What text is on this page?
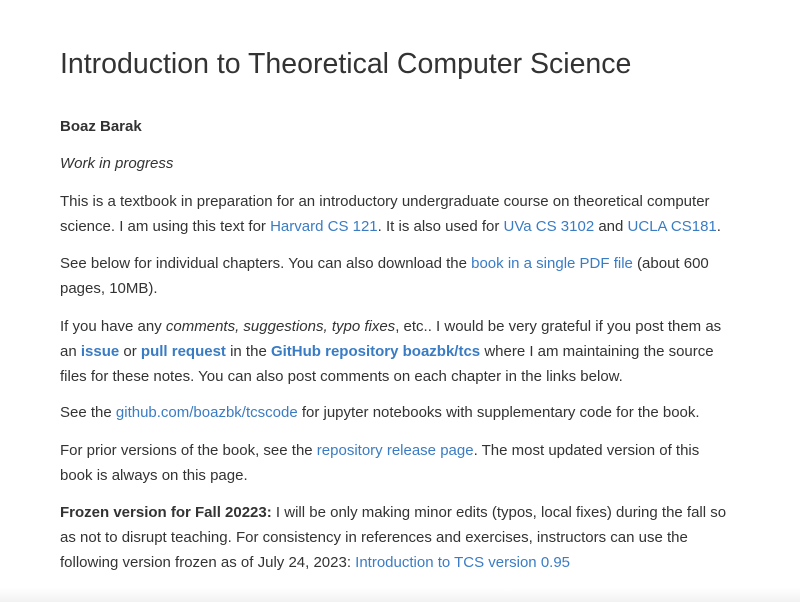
Introduction to Theoretical Computer Science

Boaz Barak

Work in progress

This is a textbook in preparation for an introductory undergraduate course on theoretical computer science. I am using this text for Harvard CS 121. It is also used for UVa CS 3102 and UCLA CS181.

See below for individual chapters. You can also download the book in a single PDF file (about 600 pages, 10MB).

If you have any comments, suggestions, typo fixes, etc.. I would be very grateful if you post them as an issue or pull request in the GitHub repository boazbk/tcs where I am maintaining the source files for these notes. You can also post comments on each chapter in the links below.

See the github.com/boazbk/tcscode for jupyter notebooks with supplementary code for the book.

For prior versions of the book, see the repository release page. The most updated version of this book is always on this page.

Frozen version for Fall 20223: I will be only making minor edits (typos, local fixes) during the fall so as not to disrupt teaching. For consistency in references and exercises, instructors can use the following version frozen as of July 24, 2023: Introduction to TCS version 0.95
